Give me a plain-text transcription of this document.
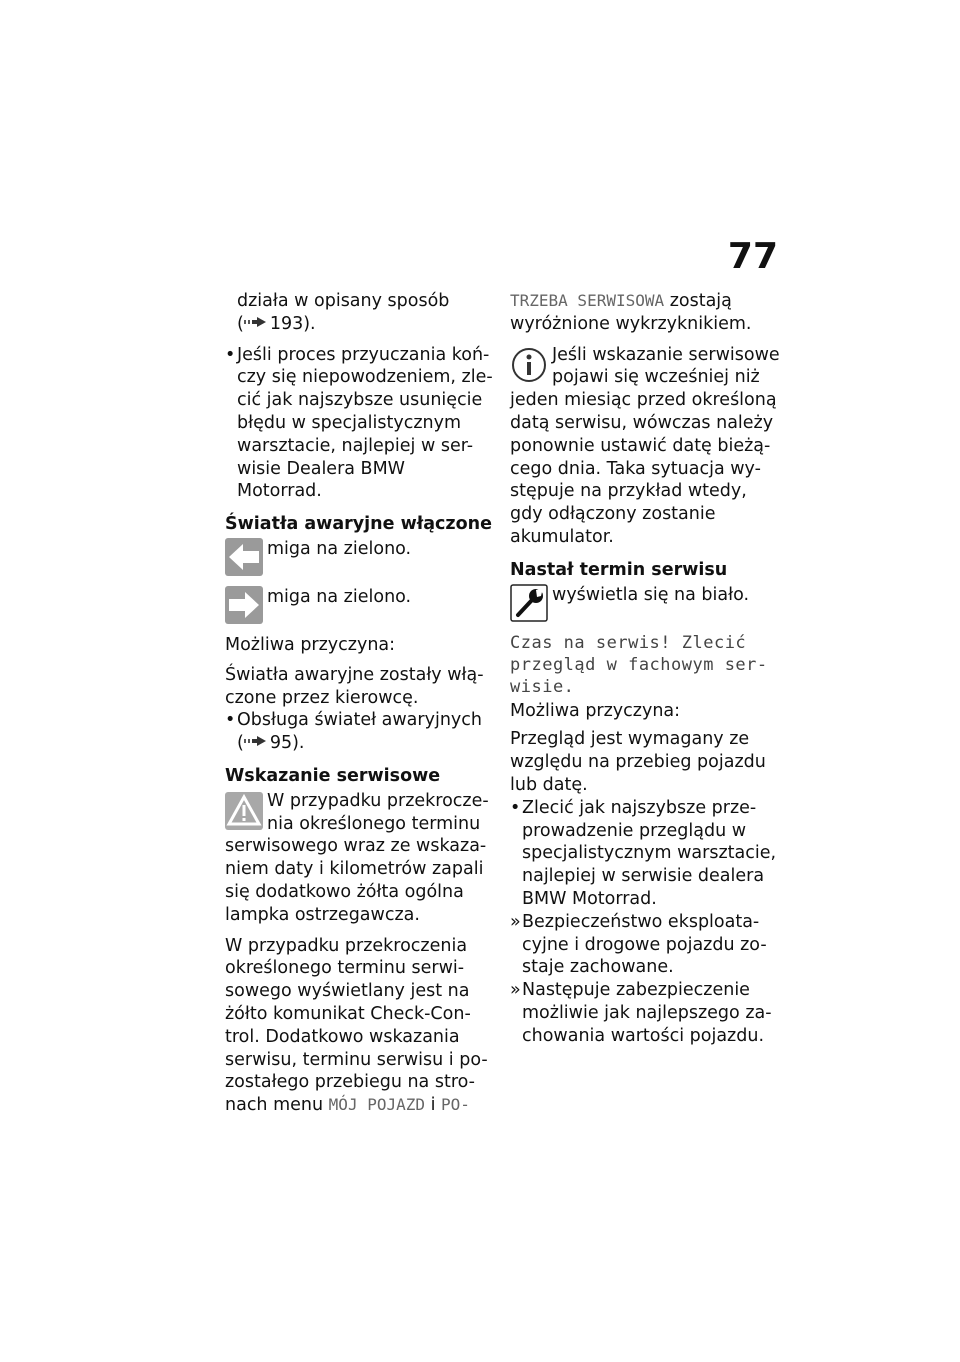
77

działa w opisany sposób

( 193).

• Jeśli proces przyuczania koń-czy się niepowodzeniem, zle-cić jak najszybsze usunięcie błędu w specjalistycznym warsztacie, najlepiej w ser-wisie Dealera BMW Motorrad.

Światła awaryjne włączone
miga na zielono.
miga na zielono.

Możliwa przyczyna:

Światła awaryjne zostały włą-czone przez kierowcę.

• Obsługa świateł awaryjnych

( 95).

Wskazanie serwisowe
W przypadku przekrocze-nia określonego terminu serwisowego wraz ze wskaza-niem daty i kilometrów zapali się dodatkowo żółta ogólna lampka ostrzegawcza.

W przypadku przekroczenia określonego terminu serwi-sowego wyświetlany jest na żółto komunikat Check-Con-trol. Dodatkowo wskazania serwisu, terminu serwisu i po-zostałego przebiegu na stro-nach menu MÓJ POJAZD i PO-

TRZEBA SERWISOWA zostają wyróżnione wykrzyknikiem.

Jeśli wskazanie serwisowe pojawi się wcześniej niż jeden miesiąc przed określoną datą serwisu, wówczas należy ponownie ustawić datę bieżą-cego dnia. Taka sytuacja wy-stępuje na przykład wtedy, gdy odłączony zostanie akumulator.
Nastał termin serwisu
wyświetla się na biało.
Czas na serwis! Zlecić przegląd w fachowym ser-wisie.

Możliwa przyczyna:

Przegląd jest wymagany ze względu na przebieg pojazdu lub datę.

• Zlecić jak najszybsze prze-prowadzenie przeglądu w specjalistycznym warsztacie, najlepiej w serwisie dealera BMW Motorrad.

» Bezpieczeństwo eksploata-cyjne i drogowe pojazdu zo-staje zachowane.

» Następuje zabezpieczenie możliwie jak najlepszego za-chowania wartości pojazdu.
